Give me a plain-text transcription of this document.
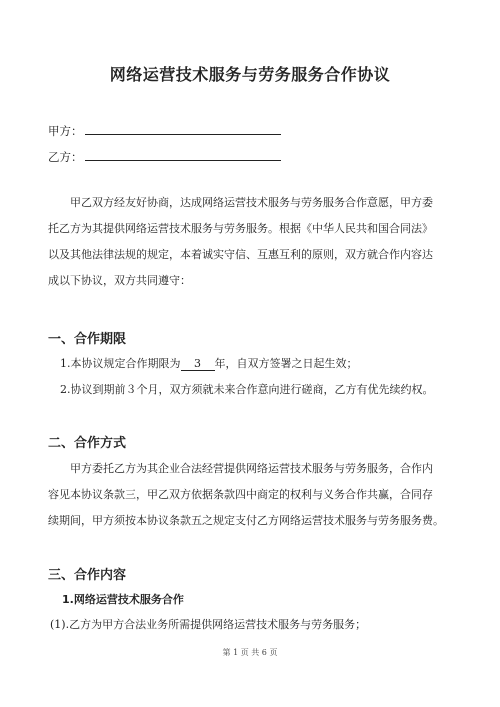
网络运营技术服务与劳务服务合作协议
甲方：
乙方：
甲乙双方经友好协商，达成网络运营技术服务与劳务服务合作意愿，甲方委
托乙方为其提供网络运营技术服务与劳务服务。根据《中华人民共和国合同法》
以及其他法律法规的规定，本着诚实守信、互惠互利的原则，双方就合作内容达
成以下协议，双方共同遵守：
一、合作期限
1.本协议规定合作期限为 3 年，自双方签署之日起生效；
2.协议到期前３个月，双方须就未来合作意向进行磋商，乙方有优先续约权。
二、合作方式
甲方委托乙方为其企业合法经营提供网络运营技术服务与劳务服务，合作内
容见本协议条款三，甲乙双方依据条款四中商定的权利与义务合作共赢，合同存
续期间，甲方须按本协议条款五之规定支付乙方网络运营技术服务与劳务服务费。
三、合作内容
1.网络运营技术服务合作
(1).乙方为甲方合法业务所需提供网络运营技术服务与劳务服务；
第 1 页 共 6 页
